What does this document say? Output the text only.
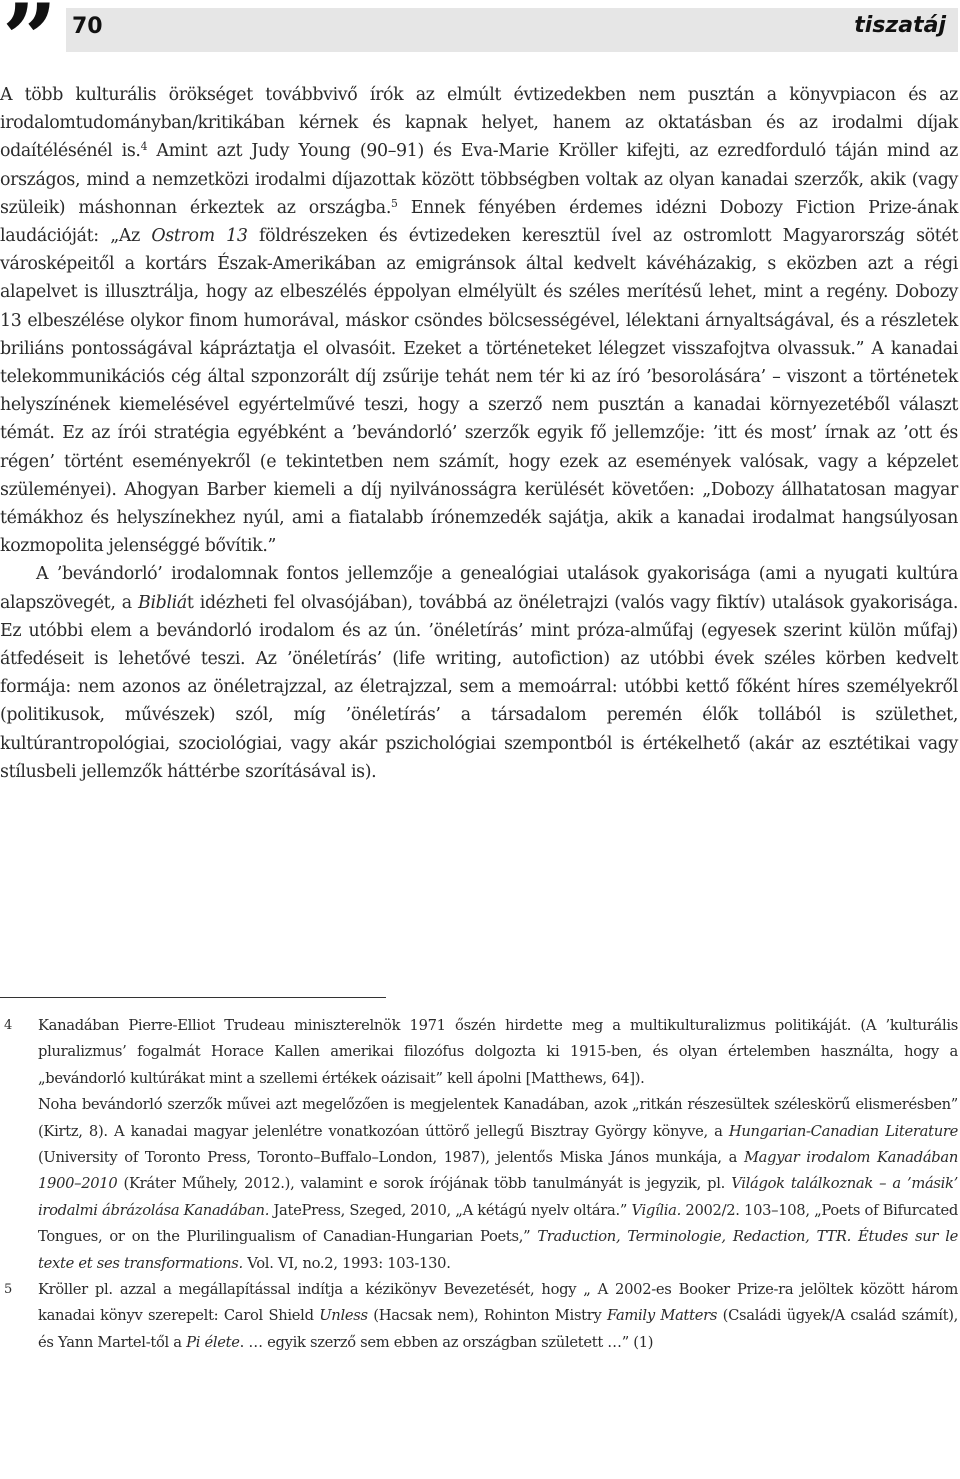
” 70	tiszatáj

A több kulturális örökséget továbbvivő írók az elmúlt évtizedekben nem pusztán a könyvpiacon és az irodalomtudományban/kritikában kérnek és kapnak helyet, hanem az oktatásban és az irodalmi díjak odaítélésénél is.$^4$ Amint azt Judy Young (90–91) és Eva-Marie Kröller kifejti, az ezredforduló táján mind az országos, mind a nemzetközi irodalmi díjazottak között többségben voltak az olyan kanadai szerzők, akik (vagy szüleik) máshonnan érkeztek az országba.$^5$ Ennek fényében érdemes idézni Dobozy Fiction Prize-ának laudációját: „Az Ostrom 13 földrészeken és évtizedeken keresztül ível az ostromlott Magyarország sötét városképeitől a kortárs Észak-Amerikában az emigránsok által kedvelt kávéházakig, s eközben azt a régi alapelvet is illusztrálja, hogy az elbeszélés éppolyan elmélyült és széles merítésű lehet, mint a regény. Dobozy 13 elbeszélése olykor finom humorával, máskor csöndes bölcsességével, lélektani árnyaltságával, és a részletek briliáns pontosságával kápráztatja el olvasóit. Ezeket a történeteket lélegzet visszafojtva olvassuk.” A kanadai telekommunikációs cég által szponzorált díj zsűrije tehát nem tér ki az író ’besorolására’ – viszont a történetek helyszínének kiemelésével egyértelművé teszi, hogy a szerző nem pusztán a kanadai környezetéből választ témát. Ez az írói stratégia egyébként a ’bevándorló’ szerzők egyik fő jellemzője: ’itt és most’ írnak az ’ott és régen’ történt eseményekről (e tekintetben nem számít, hogy ezek az események valósak, vagy a képzelet szüleményei). Ahogyan Barber kiemeli a díj nyilvánosságra kerülését követően: „Dobozy állhatatosan magyar témákhoz és helyszínekhez nyúl, ami a fiatalabb írónemzedék sajátja, akik a kanadai irodalmat hangsúlyosan kozmopolita jelenséggé bővítik.”

A ’bevándorló’ irodalomnak fontos jellemzője a genealógiai utalások gyakorisága (ami a nyugati kultúra alapszövegét, a Bibliát idézheti fel olvasójában), továbbá az önéletrajzi (valós vagy fiktív) utalások gyakorisága. Ez utóbbi elem a bevándorló irodalom és az ún. ’önéletírás’ mint próza-alműfaj (egyesek szerint külön műfaj) átfedéseit is lehetővé teszi. Az ’önéletírás’ (life writing, autofiction) az utóbbi évek széles körben kedvelt formája: nem azonos az önéletrajzzal, az életrajzzal, sem a memoárral: utóbbi kettő főként híres személyekről (politikusok, művészek) szól, míg ’önéletírás’ a társadalom peremén élők tollából is születhet, kultúrantropológiai, szociológiai, vagy akár pszichológiai szempontból is értékelhető (akár az esztétikai vagy stílusbeli jellemzők háttérbe szorításával is).

4 Kanadában Pierre-Elliot Trudeau miniszterelnök 1971 őszén hirdette meg a multikulturalizmus politikáját. (A ’kulturális pluralizmus’ fogalmát Horace Kallen amerikai filozófus dolgozta ki 1915-ben, és olyan értelemben használta, hogy a „bevándorló kultúrákat mint a szellemi értékek oázisait” kell ápolni [Matthews, 64]).

Noha bevándorló szerzők művei azt megelőzően is megjelentek Kanadában, azok „ritkán részesültek széleskörű elismerésben” (Kirtz, 8). A kanadai magyar jelenlétre vonatkozóan úttörő jellegű Bisztray György könyve, a Hungarian-Canadian Literature (University of Toronto Press, Toronto–Buffalo–London, 1987), jelentős Miska János munkája, a Magyar irodalom Kanadában 1900–2010 (Kráter Műhely, 2012.), valamint e sorok írójának több tanulmányát is jegyzik, pl. Világok találkoznak – a ’másik’ irodalmi ábrázolása Kanadában. JatePress, Szeged, 2010, „A kétágú nyelv oltára.” Vigília. 2002/2. 103–108, „Poets of Bifurcated Tongues, or on the Plurilingualism of Canadian-Hungarian Poets,” Traduction, Terminologie, Redaction, TTR. Études sur le texte et ses transformations. Vol. VI, no.2, 1993: 103-130.

5 Kröller pl. azzal a megállapítással indítja a kézikönyv Bevezetését, hogy „ A 2002-es Booker Prize-ra jelöltek között három kanadai könyv szerepelt: Carol Shield Unless (Hacsak nem), Rohinton Mistry Family Matters (Családi ügyek/A család számít), és Yann Martel-től a Pi élete. … egyik szerző sem ebben az országban született …” (1)
